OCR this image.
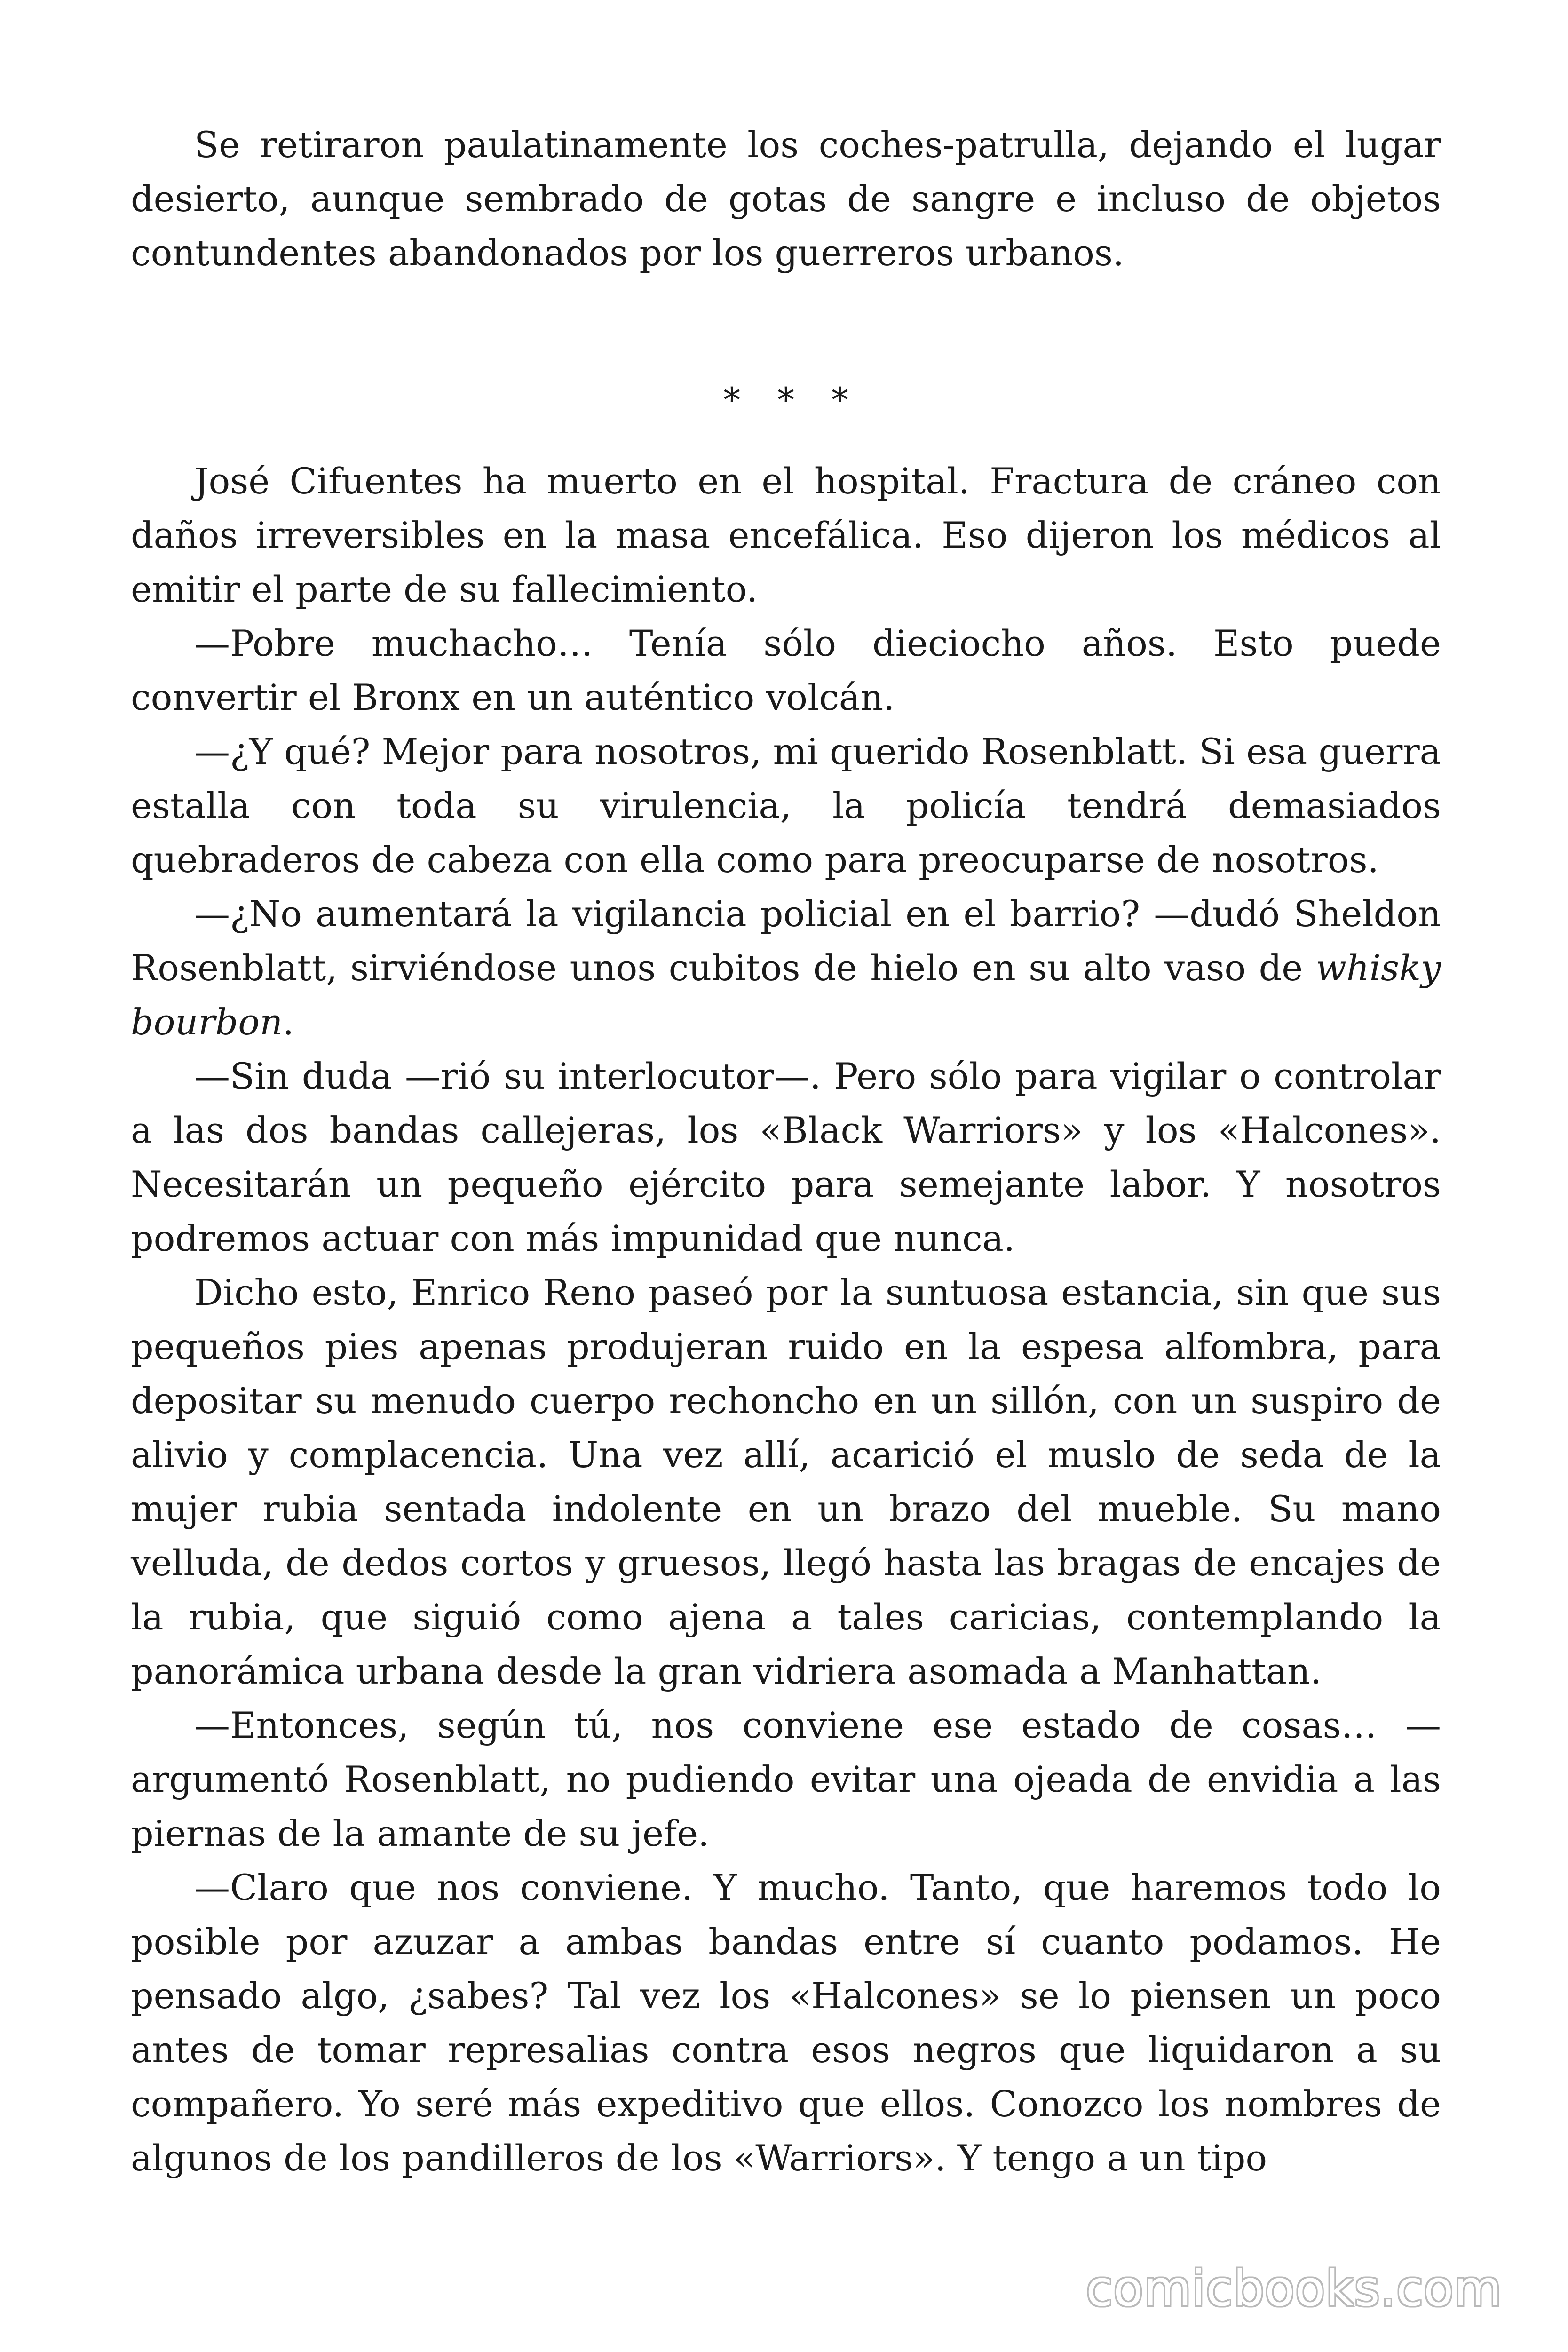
Se retiraron paulatinamente los coches-patrulla, dejando el lugar desierto, aunque sembrado de gotas de sangre e incluso de objetos contundentes abandonados por los guerreros urbanos.

* * *

José Cifuentes ha muerto en el hospital. Fractura de cráneo con daños irreversibles en la masa encefálica. Eso dijeron los médicos al emitir el parte de su fallecimiento.

—Pobre muchacho… Tenía sólo dieciocho años. Esto puede convertir el Bronx en un auténtico volcán.

—¿Y qué? Mejor para nosotros, mi querido Rosenblatt. Si esa guerra estalla con toda su virulencia, la policía tendrá demasiados quebraderos de cabeza con ella como para preocuparse de nosotros.

—¿No aumentará la vigilancia policial en el barrio? —dudó Sheldon Rosenblatt, sirviéndose unos cubitos de hielo en su alto vaso de whisky bourbon.

—Sin duda —rió su interlocutor—. Pero sólo para vigilar o controlar a las dos bandas callejeras, los «Black Warriors» y los «Halcones». Necesitarán un pequeño ejército para semejante labor. Y nosotros podremos actuar con más impunidad que nunca.

Dicho esto, Enrico Reno paseó por la suntuosa estancia, sin que sus pequeños pies apenas produjeran ruido en la espesa alfombra, para depositar su menudo cuerpo rechoncho en un sillón, con un suspiro de alivio y complacencia. Una vez allí, acarició el muslo de seda de la mujer rubia sentada indolente en un brazo del mueble. Su mano velluda, de dedos cortos y gruesos, llegó hasta las bragas de encajes de la rubia, que siguió como ajena a tales caricias, contemplando la panorámica urbana desde la gran vidriera asomada a Manhattan.

—Entonces, según tú, nos conviene ese estado de cosas… —argumentó Rosenblatt, no pudiendo evitar una ojeada de envidia a las piernas de la amante de su jefe.

—Claro que nos conviene. Y mucho. Tanto, que haremos todo lo posible por azuzar a ambas bandas entre sí cuanto podamos. He pensado algo, ¿sabes? Tal vez los «Halcones» se lo piensen un poco antes de tomar represalias contra esos negros que liquidaron a su compañero. Yo seré más expeditivo que ellos. Conozco los nombres de algunos de los pandilleros de los «Warriors». Y tengo a un tipo

comicbooks.com
